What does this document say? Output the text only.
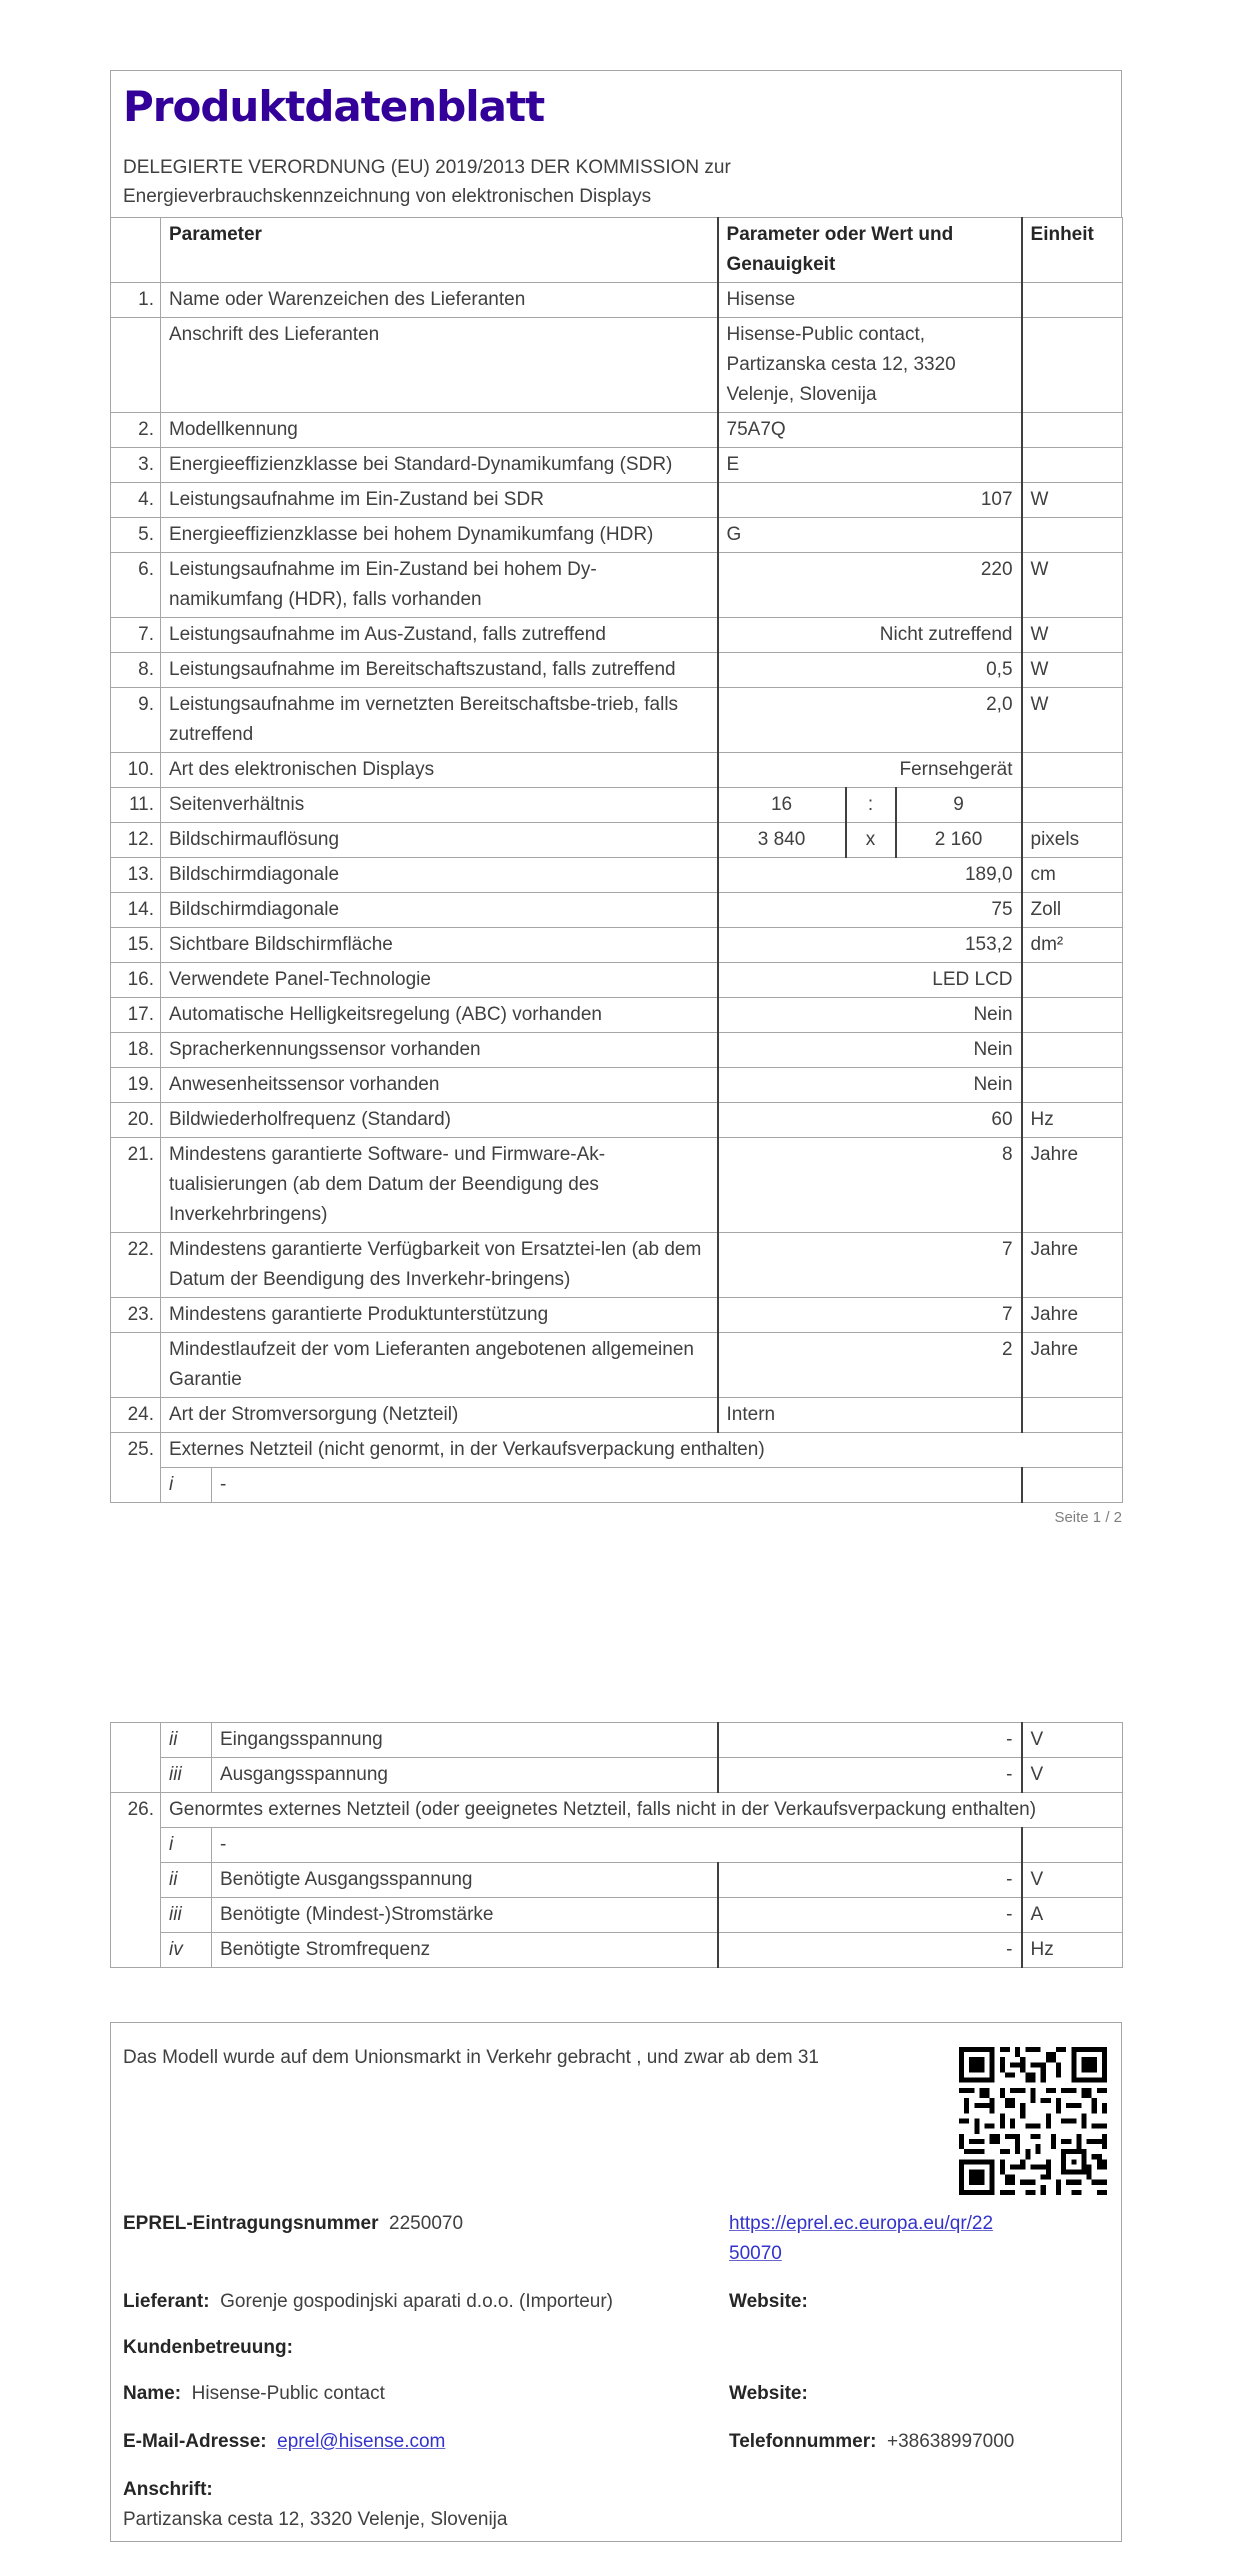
Produktdatenblatt
DELEGIERTE VERORDNUNG (EU) 2019/2013 DER KOMMISSION zur
Energieverbrauchskennzeichnung von elektronischen Displays
	Parameter		Parameter oder Wert und Genauigkeit			Einheit
1.	Name oder Warenzeichen des Lieferanten		Hisense			
	Anschrift des Lieferanten		Hisense-Public contact, Partizanska cesta 12, 3320 Velenje, Slovenija			
2.	Modellkennung		75A7Q			
3.	Energieeffizienzklasse bei Standard-Dynamikumfang (SDR)		E			
4.	Leistungsaufnahme im Ein-Zustand bei SDR		107			W
5.	Energieeffizienzklasse bei hohem Dynamikumfang (HDR)		G			
6.	Leistungsaufnahme im Ein-Zustand bei hohem Dy-namikumfang (HDR), falls vorhanden		220			W
7.	Leistungsaufnahme im Aus-Zustand, falls zutreffend		Nicht zutreffend			W
8.	Leistungsaufnahme im Bereitschaftszustand, falls zutreffend		0,5			W
9.	Leistungsaufnahme im vernetzten Bereitschaftsbe-trieb, falls zutreffend		2,0			W
10.	Art des elektronischen Displays		Fernsehgerät			
11.	Seitenverhältnis		16	:	9	
12.	Bildschirmauflösung		3 840	x	2 160	pixels
13.	Bildschirmdiagonale		189,0			cm
14.	Bildschirmdiagonale		75			Zoll
15.	Sichtbare Bildschirmfläche		153,2			dm²
16.	Verwendete Panel-Technologie		LED LCD			
17.	Automatische Helligkeitsregelung (ABC) vorhanden		Nein			
18.	Spracherkennungssensor vorhanden		Nein			
19.	Anwesenheitssensor vorhanden		Nein			
20.	Bildwiederholfrequenz (Standard)		60			Hz
21.	Mindestens garantierte Software- und Firmware-Ak-tualisierungen (ab dem Datum der Beendigung des Inverkehrbringens)		8			Jahre
22.	Mindestens garantierte Verfügbarkeit von Ersatztei-len (ab dem Datum der Beendigung des Inverkehr-bringens)		7			Jahre
23.	Mindestens garantierte Produktunterstützung		7			Jahre
	Mindestlaufzeit der vom Lieferanten angebotenen allgemeinen Garantie		2			Jahre
24.	Art der Stromversorgung (Netzteil)		Intern			
25.	Externes Netzteil (nicht genormt, in der Verkaufsverpackung enthalten)					
	i	-				
Seite 1 / 2
	ii	Eingangsspannung	-	V
	iii	Ausgangsspannung	-	V
26.	Genormtes externes Netzteil (oder geeignetes Netzteil, falls nicht in der Verkaufsverpackung enthalten)			
	i	-		
	ii	Benötigte Ausgangsspannung	-	V
	iii	Benötigte (Mindest-)Stromstärke	-	A
	iv	Benötigte Stromfrequenz	-	Hz
Das Modell wurde auf dem Unionsmarkt in Verkehr gebracht , und zwar ab dem 31
EPREL-Eintragungsnummer 2250070	https://eprel.ec.europa.eu/qr/22
50070
Lieferant: Gorenje gospodinjski aparati d.o.o. (Importeur)	Website:
Kundenbetreuung:
Name: Hisense-Public contact	Website:
E-Mail-Adresse: eprel@hisense.com	Telefonnummer: +38638997000
Anschrift:
Partizanska cesta 12, 3320 Velenje, Slovenija
